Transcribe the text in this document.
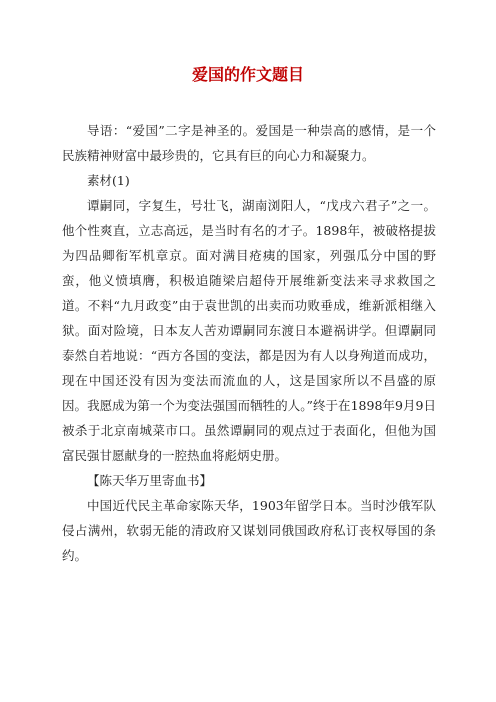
爱国的作文题目

导语：“爱国”二字是神圣的。爱国是一种崇高的感情，是一个民族精神财富中最珍贵的，它具有巨的向心力和凝聚力。

素材(1)

谭嗣同，字复生，号壮飞，湖南浏阳人，“戊戌六君子”之一。他个性爽直，立志高远，是当时有名的才子。1898年，被破格提拔为四品卿衔军机章京。面对满目疮痍的国家，列强瓜分中国的野蛮，他义愤填膺，积极追随梁启超侍开展维新变法来寻求救国之道。不料“九月政变”由于袁世凯的出卖而功败垂成，维新派相继入狱。面对险境，日本友人苦劝谭嗣同东渡日本避祸讲学。但谭嗣同泰然自若地说：“西方各国的变法，都是因为有人以身殉道而成功，现在中国还没有因为变法而流血的人，这是国家所以不昌盛的原因。我愿成为第一个为变法强国而牺牲的人。”终于在1898年9月9日被杀于北京南城菜市口。虽然谭嗣同的观点过于表面化，但他为国富民强甘愿献身的一腔热血将彪炳史册。

【陈天华万里寄血书】

中国近代民主革命家陈天华，1903年留学日本。当时沙俄军队侵占满州，软弱无能的清政府又谋划同俄国政府私订丧权辱国的条约。
